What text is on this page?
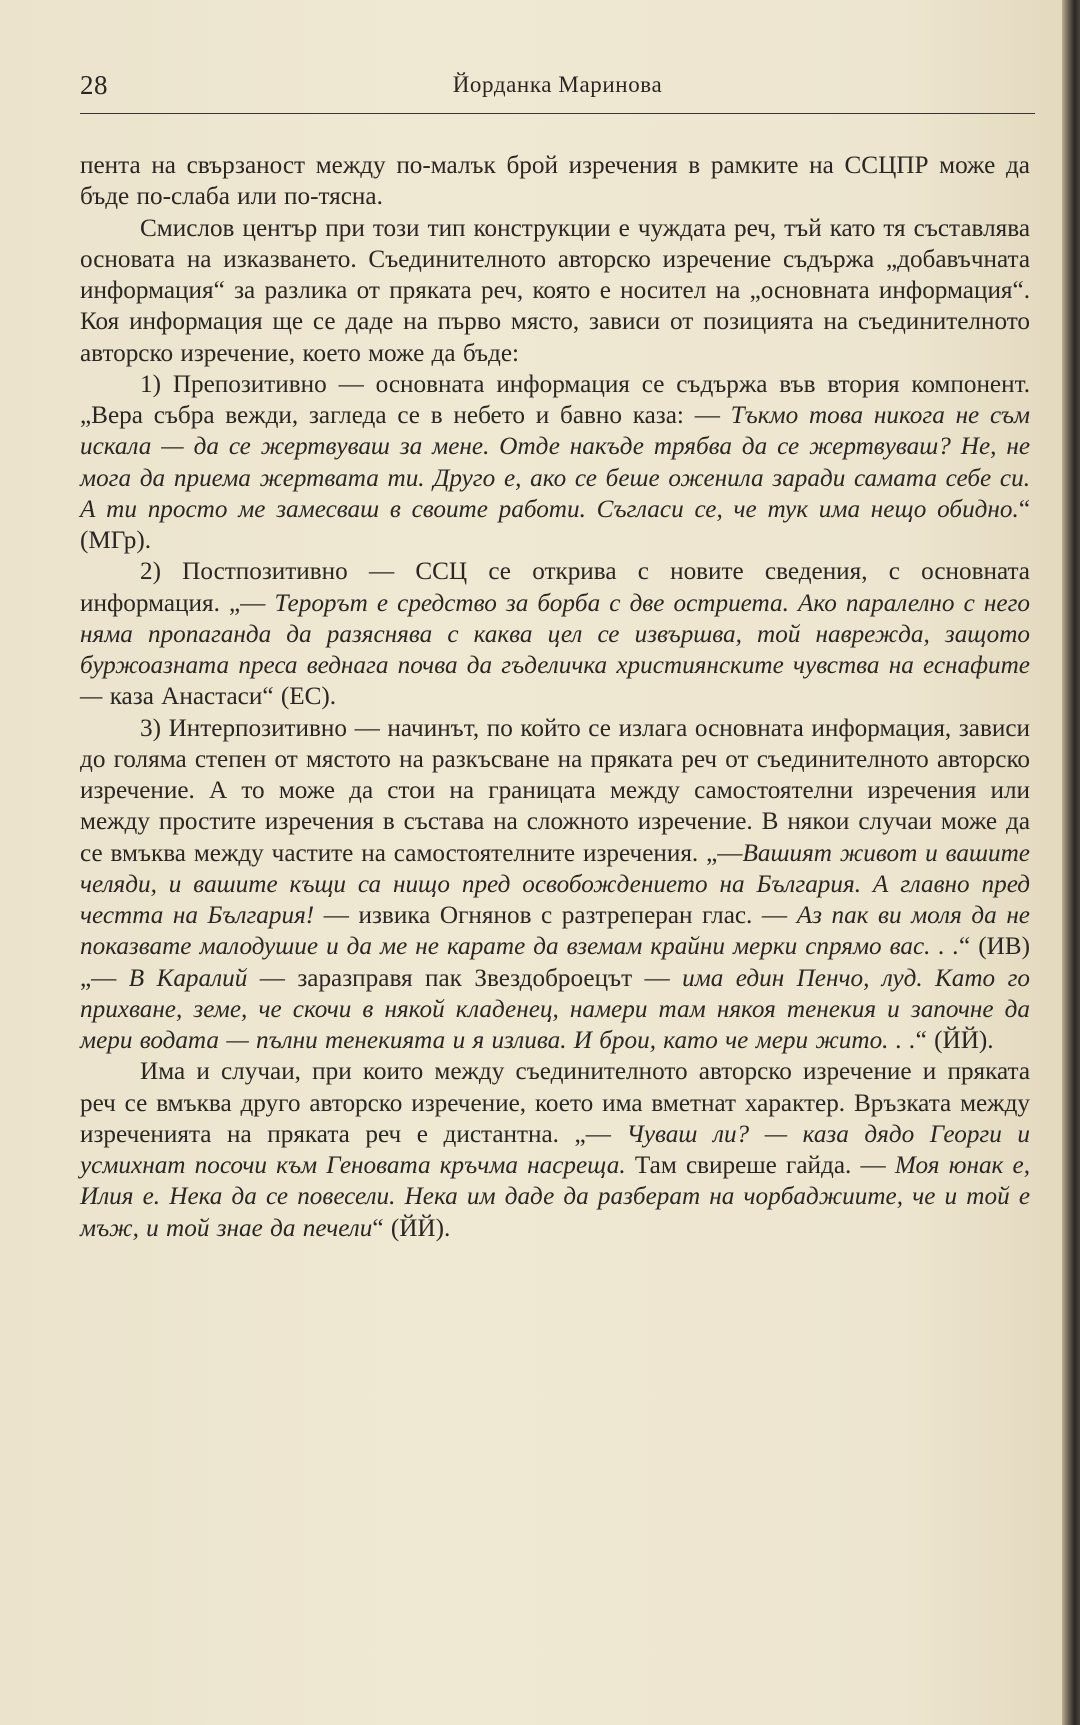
28	Йорданка Маринова

пента на свързаност между по-малък брой изречения в рамките на ССЦПР може да бъде по-слаба или по-тясна.

Смислов център при този тип конструкции е чуждата реч, тъй като тя съставлява основата на изказването. Съединителното авторско изречение съдържа „добавъчната информация“ за разлика от пряката реч, която е носител на „основната информация“. Коя информация ще се даде на първо място, зависи от позицията на съединителното авторско изречение, което може да бъде:

1) Препозитивно — основната информация се съдържа във втория компонент. „Вера събра вежди, загледа се в небето и бавно каза: — Тъкмо това никога не съм искала — да се жертвуваш за мене. Отде накъде трябва да се жертвуваш? Не, не мога да приема жертвата ти. Друго е, ако се беше оженила заради самата себе си. А ти просто ме замесваш в своите работи. Съгласи се, че тук има нещо обидно.“ (МГр).

2) Постпозитивно — ССЦ се открива с новите сведения, с основната информация. „— Терорът е средство за борба с две остриета. Ако паралелно с него няма пропаганда да разяснява с каква цел се извършва, той навреждa, защото буржоазната преса веднага почва да гъделичка християнските чувства на еснафите — каза Анастаси“ (ЕС).

3) Интерпозитивно — начинът, по който се излага основната информация, зависи до голяма степен от мястото на разкъсване на пряката реч от съединителното авторско изречение. А то може да стои на границата между самостоятелни изречения или между простите изречения в състава на сложното изречение. В някои случаи може да се вмъква между частите на самостоятелните изречения. „—Вашият живот и вашите челяди, и вашите къщи са нищо пред освобождението на България. А главно пред честта на България! — извика Огнянов с разтреперан глас. — Аз пак ви моля да не показвате малодушие и да ме не карате да вземам крайни мерки спрямо вас. . .“ (ИВ) „— В Каралий — заразправя пак Звездоброецът — има един Пенчо, луд. Като го прихване, земе, че скочи в някой кладенец, намери там някоя тенекия и започне да мери водата — пълни тенекията и я излива. И брои, като че мери жито. . .“ (ЙЙ).

Има и случаи, при които между съединителното авторско изречение и пряката реч се вмъква друго авторско изречение, което има вметнат характер. Връзката между изреченията на пряката реч е дистантна. „— Чуваш ли? — каза дядо Георги и усмихнат посочи към Геновата кръчма насреща. Там свиреше гайда. — Моя юнак е, Илия е. Нека да се повесели. Нека им даде да разберат на чорбаджиите, че и той е мъж, и той знае да печели“ (ЙЙ).
